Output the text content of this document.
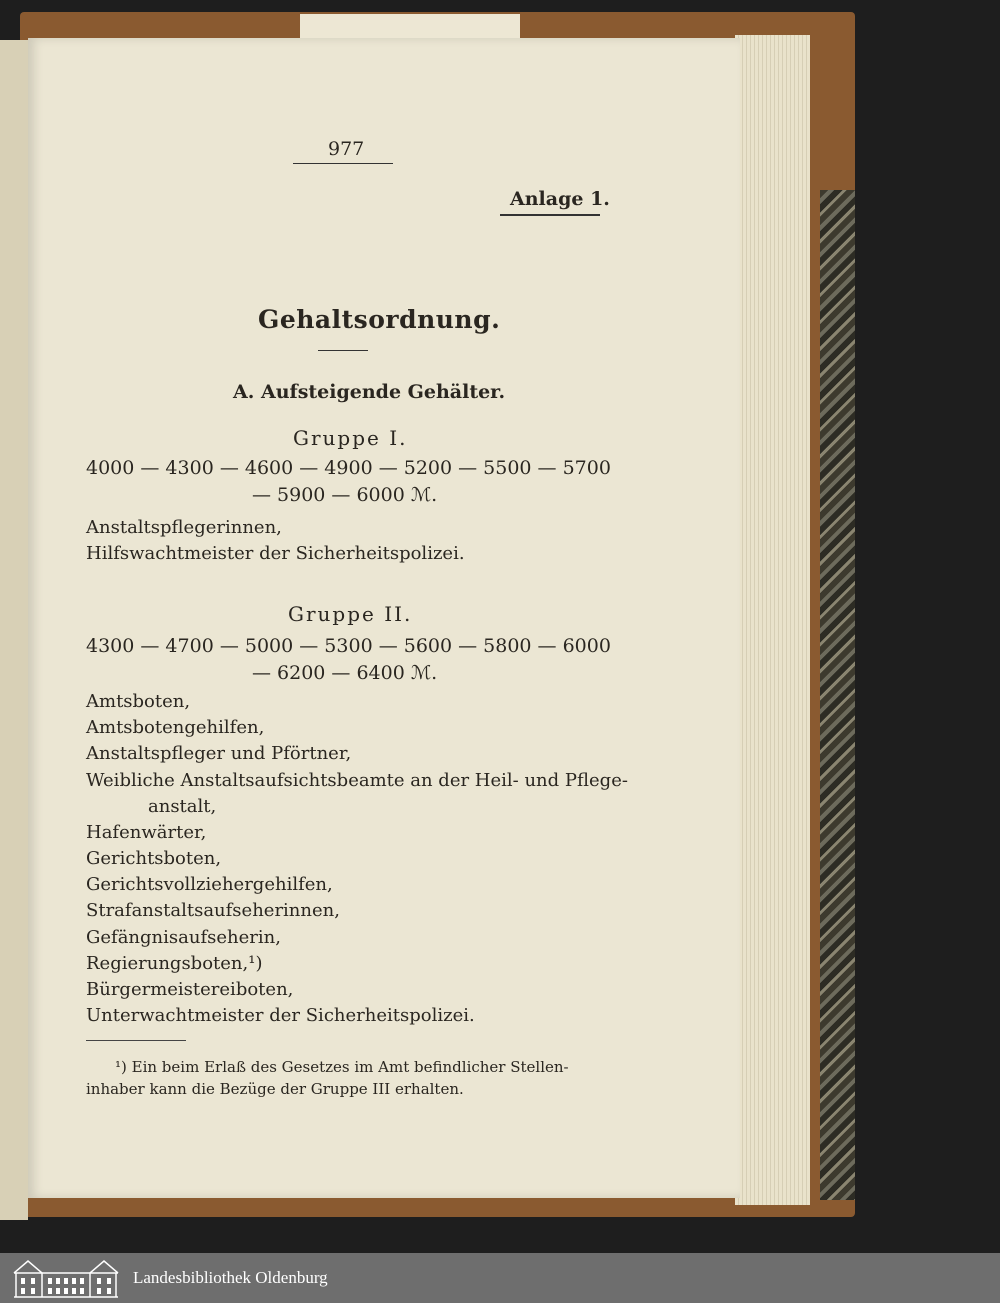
977
Anlage 1.
Gehaltsordnung.
A. Aufsteigende Gehälter.
Gruppe I.
4000 — 4300 — 4600 — 4900 — 5200 — 5500 — 5700
— 5900 — 6000 ℳ.
Anstaltspflegerinnen,
Hilfswachtmeister der Sicherheitspolizei.
Gruppe II.
4300 — 4700 — 5000 — 5300 — 5600 — 5800 — 6000
— 6200 — 6400 ℳ.
Amtsboten,
Amtsbotengehilfen,
Anstaltspfleger und Pförtner,
Weibliche Anstaltsaufsichtsbeamte an der Heil- und Pflege-
anstalt,
Hafenwärter,
Gerichtsboten,
Gerichtsvollziehergehilfen,
Strafanstaltsaufseherinnen,
Gefängnisaufseherin,
Regierungsboten,¹)
Bürgermeistereiboten,
Unterwachtmeister der Sicherheitspolizei.
¹) Ein beim Erlaß des Gesetzes im Amt befindlicher Stellen-
inhaber kann die Bezüge der Gruppe III erhalten.
Landesbibliothek Oldenburg
